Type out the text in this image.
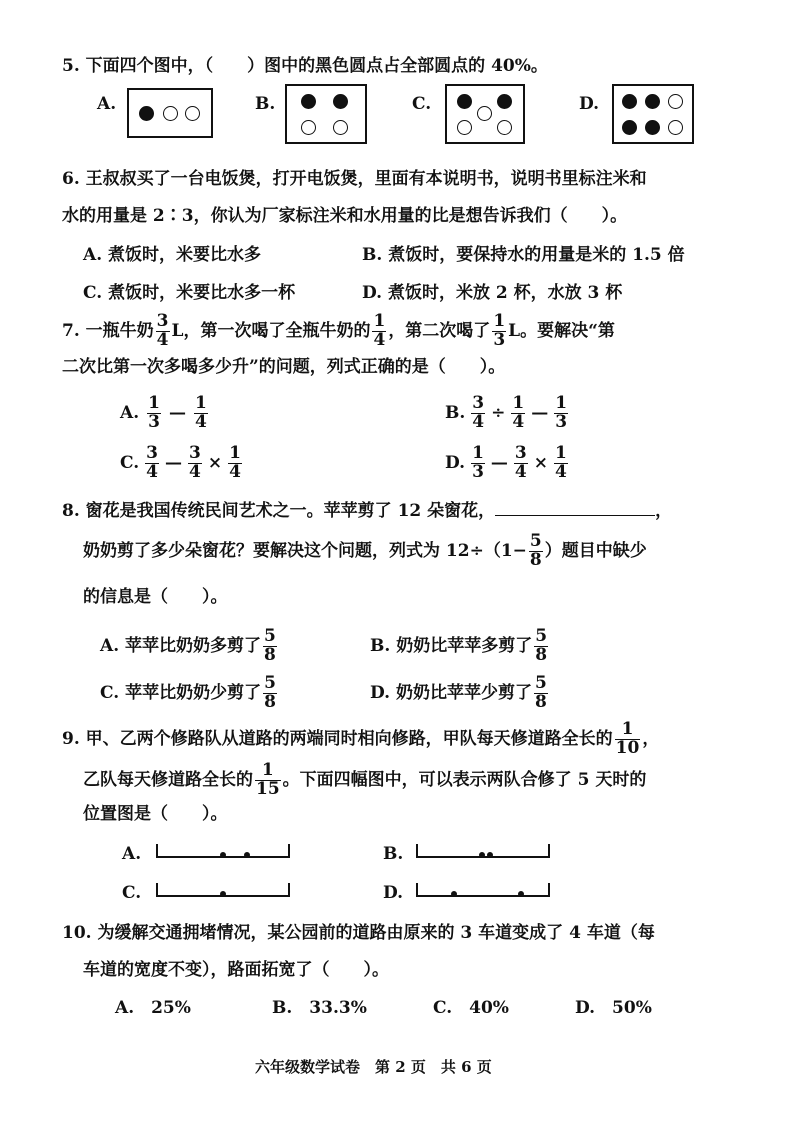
5. 下面四个图中，（　　）图中的黑色圆点占全部圆点的 40%。
A.	B.	C.	D.
6. 王叔叔买了一台电饭煲，打开电饭煲，里面有本说明书，说明书里标注米和
水的用量是 2∶3，你认为厂家标注米和水用量的比是想告诉我们（　　）。
A. 煮饭时，米要比水多	B. 煮饭时，要保持水的用量是米的 1.5 倍
C. 煮饭时，米要比水多一杯	D. 煮饭时，米放 2 杯，水放 3 杯
7. 一瓶牛奶 $\frac{3}{4}$ L，第一次喝了全瓶牛奶的 $\frac{1}{4}$ ，第二次喝了 $\frac{1}{3}$ L。要解决“第
二次比第一次多喝多少升”的问题，列式正确的是（　　）。
A. $\frac{1}{3}$ — $\frac{1}{4}$	B. $\frac{3}{4} \div \frac{1}{4}$ — $\frac{1}{3}$
C. $\frac{3}{4}$ — $\frac{3}{4} \times \frac{1}{4}$	D. $\frac{1}{3}$ — $\frac{3}{4} \times \frac{1}{4}$
8. 窗花是我国传统民间艺术之一。苹苹剪了 12 朵窗花，	，
奶奶剪了多少朵窗花？要解决这个问题，列式为 $12\div(1- \frac{5}{8}$ ）题目中缺少
的信息是（　　）。
A. 苹苹比奶奶多剪了 $\frac{5}{8}$	B. 奶奶比苹苹多剪了 $\frac{5}{8}$
C. 苹苹比奶奶少剪了 $\frac{5}{8}$	D. 奶奶比苹苹少剪了 $\frac{5}{8}$
9. 甲、乙两个修路队从道路的两端同时相向修路，甲队每天修道路全长的 $\frac{1}{10}$ ，
乙队每天修道路全长的 $\frac{1}{15}$ 。下面四幅图中，可以表示两队合修了 5 天时的
位置图是（　　）。
A.	B.
C.	D.
10. 为缓解交通拥堵情况，某公园前的道路由原来的 3 车道变成了 4 车道（每
车道的宽度不变），路面拓宽了（　　）。
A.　25%	B.　33.3%	C.　40%	D.　50%
六年级数学试卷　第 2 页　共 6 页
